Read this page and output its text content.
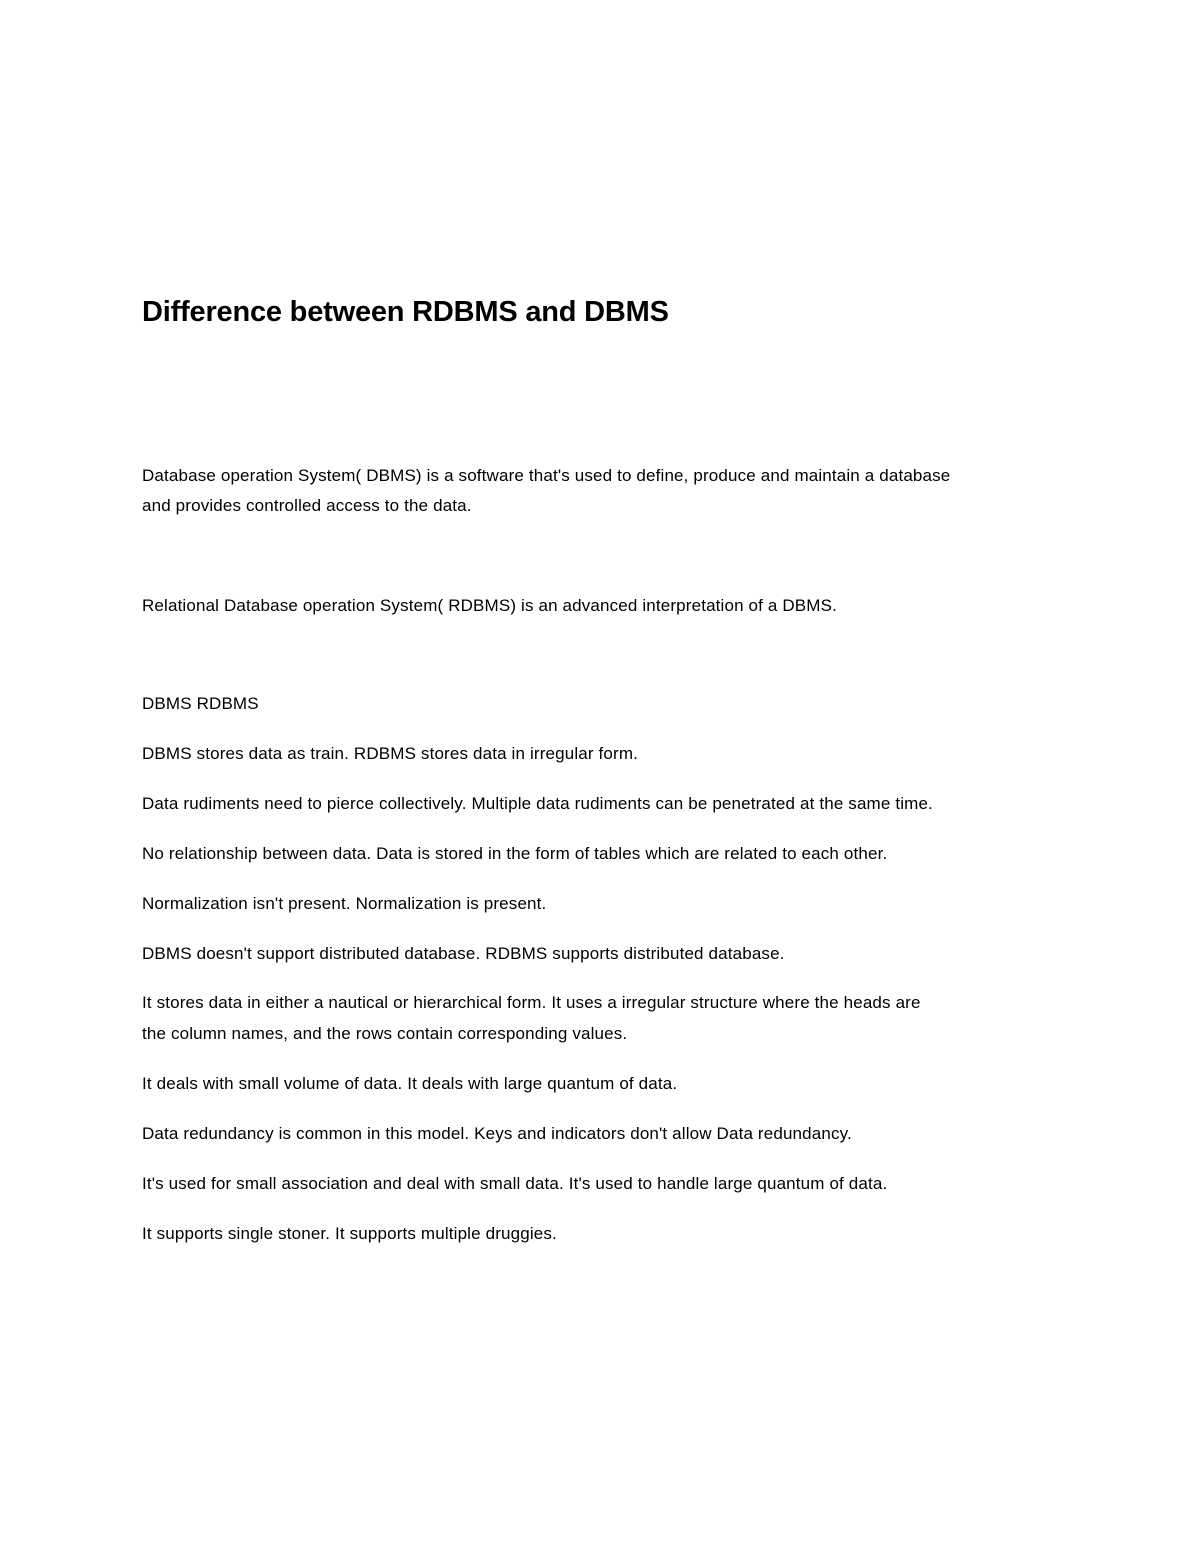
Difference between RDBMS and DBMS

Database operation System( DBMS) is a software that's used to define, produce and maintain a database

and provides controlled access to the data.

Relational Database operation System( RDBMS) is an advanced interpretation of a DBMS.

DBMS RDBMS

DBMS stores data as train. RDBMS stores data in irregular form.

Data rudiments need to pierce collectively. Multiple data rudiments can be penetrated at the same time.

No relationship between data. Data is stored in the form of tables which are related to each other.

Normalization isn't present. Normalization is present.

DBMS doesn't support distributed database. RDBMS supports distributed database.

It stores data in either a nautical or hierarchical form. It uses a irregular structure where the heads are

the column names, and the rows contain corresponding values.

It deals with small volume of data. It deals with large quantum of data.

Data redundancy is common in this model. Keys and indicators don't allow Data redundancy.

It's used for small association and deal with small data. It's used to handle large quantum of data.

It supports single stoner. It supports multiple druggies.
